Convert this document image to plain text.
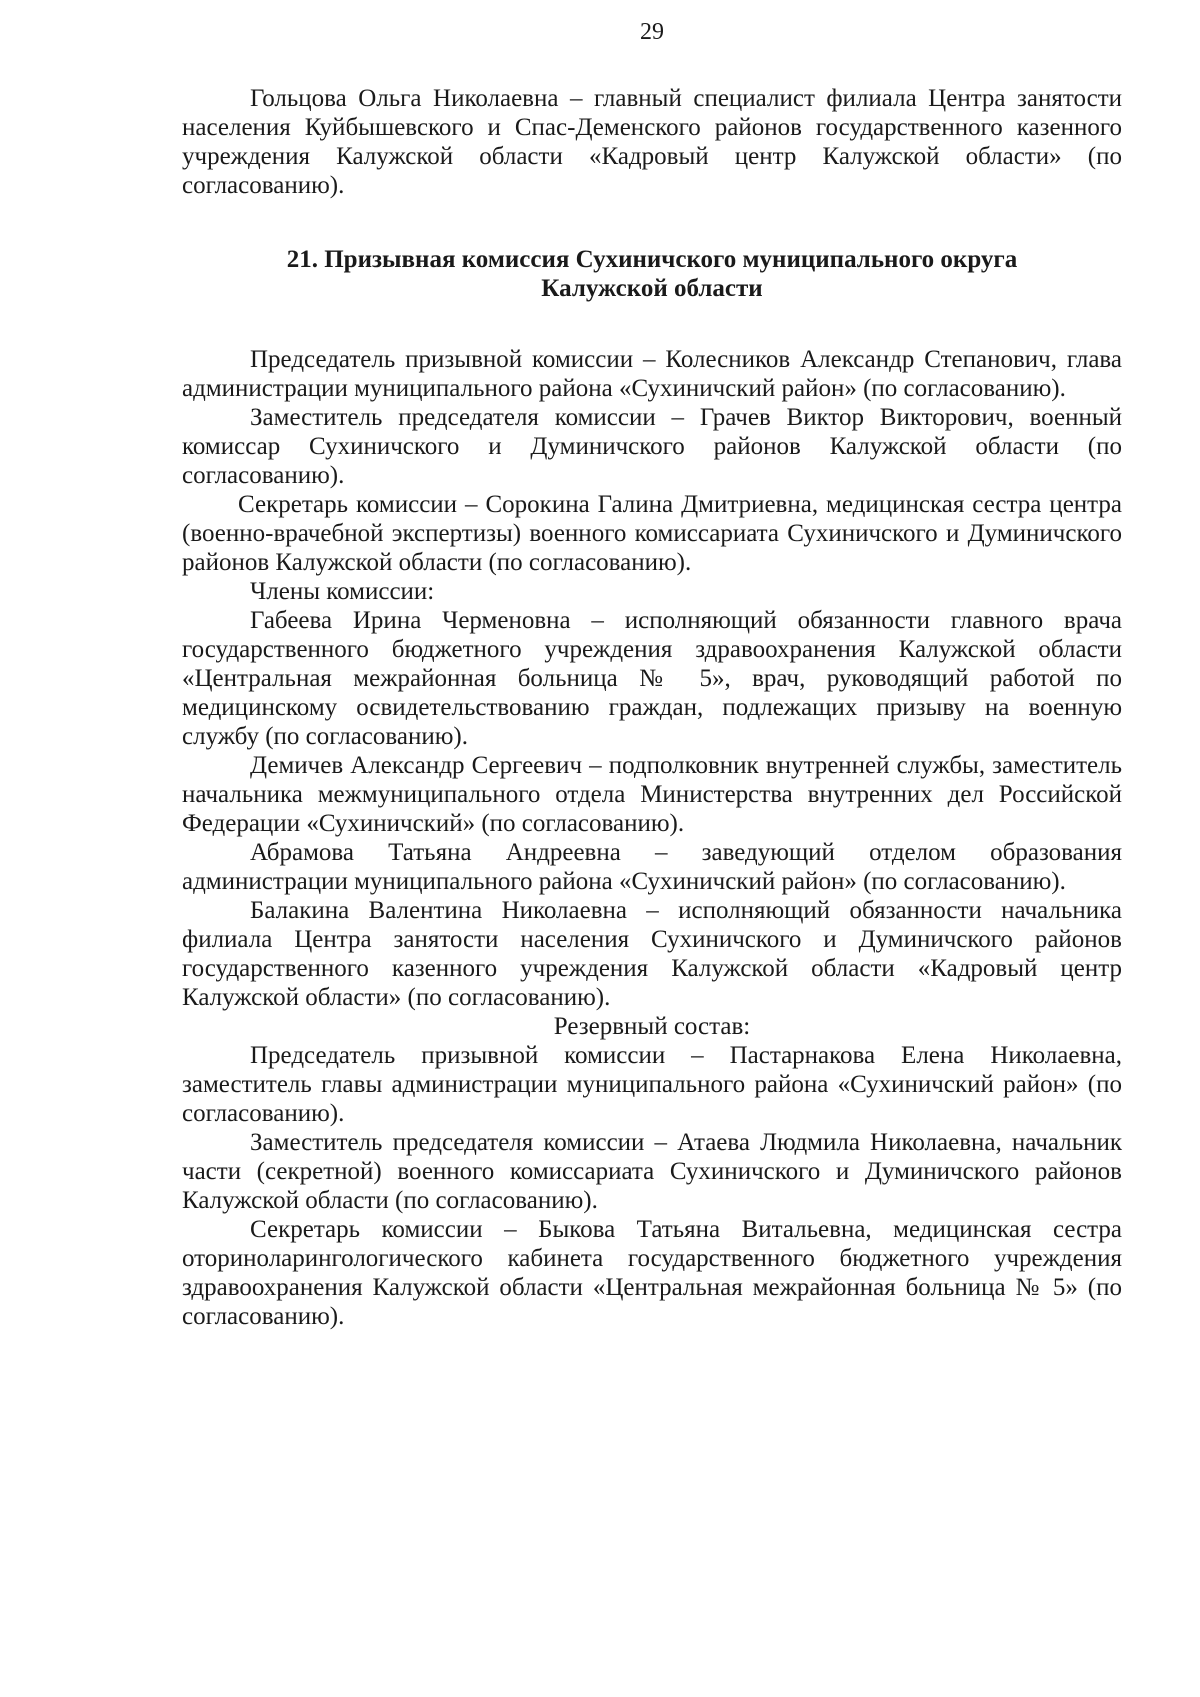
29

Гольцова Ольга Николаевна – главный специалист филиала Центра занятости населения Куйбышевского и Спас-Деменского районов государственного казенного учреждения Калужской области «Кадровый центр Калужской области» (по согласованию).

21. Призывная комиссия Сухиничского муниципального округа
Калужской области

Председатель призывной комиссии – Колесников Александр Степанович, глава администрации муниципального района «Сухиничский район» (по согласованию).

Заместитель председателя комиссии – Грачев Виктор Викторович, военный комиссар Сухиничского и Думиничского районов Калужской области (по согласованию).

Секретарь комиссии – Сорокина Галина Дмитриевна, медицинская сестра центра (военно-врачебной экспертизы) военного комиссариата Сухиничского и Думиничского районов Калужской области (по согласованию).

Члены комиссии:

Габеева Ирина Черменовна – исполняющий обязанности главного врача государственного бюджетного учреждения здравоохранения Калужской области «Центральная межрайонная больница № 5», врач, руководящий работой по медицинскому освидетельствованию граждан, подлежащих призыву на военную службу (по согласованию).

Демичев Александр Сергеевич – подполковник внутренней службы, заместитель начальника межмуниципального отдела Министерства внутренних дел Российской Федерации «Сухиничский» (по согласованию).

Абрамова Татьяна Андреевна – заведующий отделом образования администрации муниципального района «Сухиничский район» (по согласованию).

Балакина Валентина Николаевна – исполняющий обязанности начальника филиала Центра занятости населения Сухиничского и Думиничского районов государственного казенного учреждения Калужской области «Кадровый центр Калужской области» (по согласованию).

Резервный состав:

Председатель призывной комиссии – Пастарнакова Елена Николаевна, заместитель главы администрации муниципального района «Сухиничский район» (по согласованию).

Заместитель председателя комиссии – Атаева Людмила Николаевна, начальник части (секретной) военного комиссариата Сухиничского и Думиничского районов Калужской области (по согласованию).

Секретарь комиссии – Быкова Татьяна Витальевна, медицинская сестра оториноларингологического кабинета государственного бюджетного учреждения здравоохранения Калужской области «Центральная межрайонная больница № 5» (по согласованию).
